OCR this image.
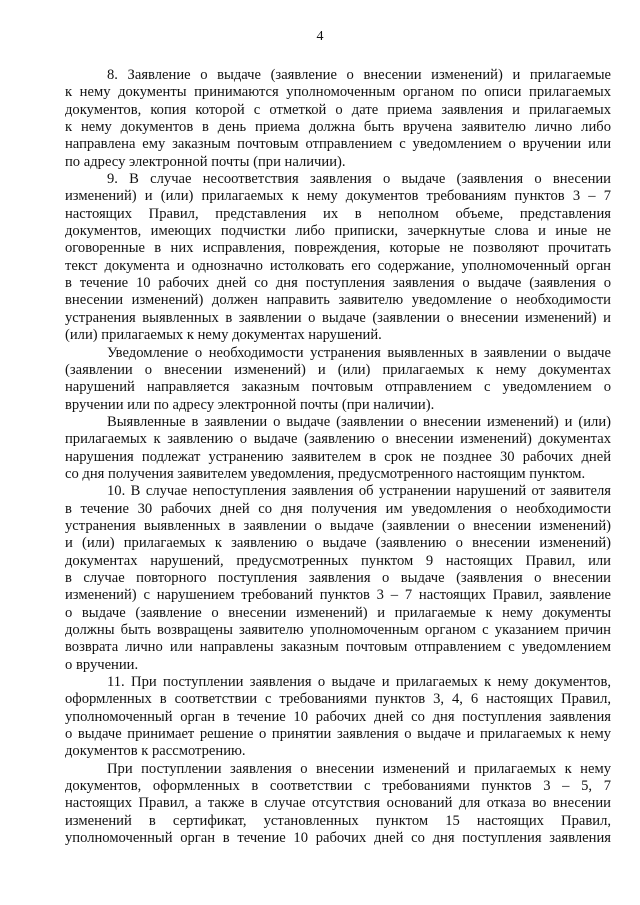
4
8. Заявление о выдаче (заявление о внесении изменений) и прилагаемые
к нему документы принимаются уполномоченным органом по описи прилагаемых
документов, копия которой с отметкой о дате приема заявления и прилагаемых
к нему документов в день приема должна быть вручена заявителю лично либо
направлена ему заказным почтовым отправлением с уведомлением о вручении или
по адресу электронной почты (при наличии).
9. В случае несоответствия заявления о выдаче (заявления о внесении
изменений) и (или) прилагаемых к нему документов требованиям пунктов 3 – 7
настоящих Правил, представления их в неполном объеме, представления
документов, имеющих подчистки либо приписки, зачеркнутые слова и иные не
оговоренные в них исправления, повреждения, которые не позволяют прочитать
текст документа и однозначно истолковать его содержание, уполномоченный орган
в течение 10 рабочих дней со дня поступления заявления о выдаче (заявления о
внесении изменений) должен направить заявителю уведомление о необходимости
устранения выявленных в заявлении о выдаче (заявлении о внесении изменений) и
(или) прилагаемых к нему документах нарушений.
Уведомление о необходимости устранения выявленных в заявлении о выдаче
(заявлении о внесении изменений) и (или) прилагаемых к нему документах
нарушений направляется заказным почтовым отправлением с уведомлением о
вручении или по адресу электронной почты (при наличии).
Выявленные в заявлении о выдаче (заявлении о внесении изменений) и (или)
прилагаемых к заявлению о выдаче (заявлению о внесении изменений) документах
нарушения подлежат устранению заявителем в срок не позднее 30 рабочих дней
со дня получения заявителем уведомления, предусмотренного настоящим пунктом.
10. В случае непоступления заявления об устранении нарушений от заявителя
в течение 30 рабочих дней со дня получения им уведомления о необходимости
устранения выявленных в заявлении о выдаче (заявлении о внесении изменений)
и (или) прилагаемых к заявлению о выдаче (заявлению о внесении изменений)
документах нарушений, предусмотренных пунктом 9 настоящих Правил, или
в случае повторного поступления заявления о выдаче (заявления о внесении
изменений) с нарушением требований пунктов 3 – 7 настоящих Правил, заявление
о выдаче (заявление о внесении изменений) и прилагаемые к нему документы
должны быть возвращены заявителю уполномоченным органом с указанием причин
возврата лично или направлены заказным почтовым отправлением с уведомлением
о вручении.
11. При поступлении заявления о выдаче и прилагаемых к нему документов,
оформленных в соответствии с требованиями пунктов 3, 4, 6 настоящих Правил,
уполномоченный орган в течение 10 рабочих дней со дня поступления заявления
о выдаче принимает решение о принятии заявления о выдаче и прилагаемых к нему
документов к рассмотрению.
При поступлении заявления о внесении изменений и прилагаемых к нему
документов, оформленных в соответствии с требованиями пунктов 3 – 5, 7
настоящих Правил, а также в случае отсутствия оснований для отказа во внесении
изменений в сертификат, установленных пунктом 15 настоящих Правил,
уполномоченный орган в течение 10 рабочих дней со дня поступления заявления
